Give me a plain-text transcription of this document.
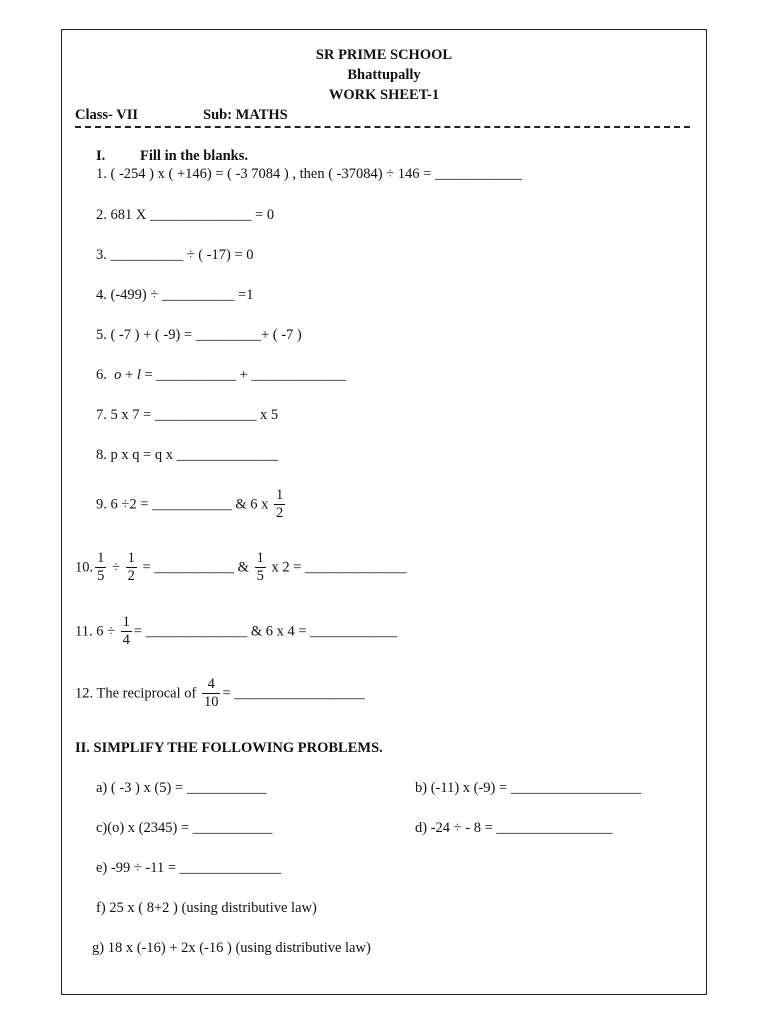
SR PRIME SCHOOL
Bhattupally
WORK SHEET-1
Class- VII	Sub: MATHS
I. Fill in the blanks.
1. ( -254 ) x ( +146) = ( -3 7084 ) , then ( -37084) ÷ 146 = ____________
2. 681 X ______________ = 0
3. __________ ÷ ( -17) = 0
4. (-499) ÷ __________ =1
5. ( -7 ) + ( -9) = _________+ ( -7 )
6. o + l = ___________ + _____________
7. 5 x 7 = ______________ x 5
8. p x q = q x ______________
9. 6 ÷2 = ___________ & 6 x $\frac{1}{2}$
10. $\frac{1}{5} \div \frac{1}{2}$ = ___________ & $\frac{1}{5}$ x 2 = ______________
11. $6 \div \frac{1}{4}$ = ______________ & 6 x 4 = ____________
12. The reciprocal of $\frac{4}{10}$ = __________________
II. SIMPLIFY THE FOLLOWING PROBLEMS.
a) ( -3 ) x (5) = ___________	b) (-11) x (-9) = __________________
c)(o) x (2345) = ___________	d) -24 ÷ - 8 = ________________
e) -99 ÷ -11 = ______________
f) 25 x ( 8+2 ) (using distributive law)
g) 18 x (-16) + 2x (-16 ) (using distributive law)
